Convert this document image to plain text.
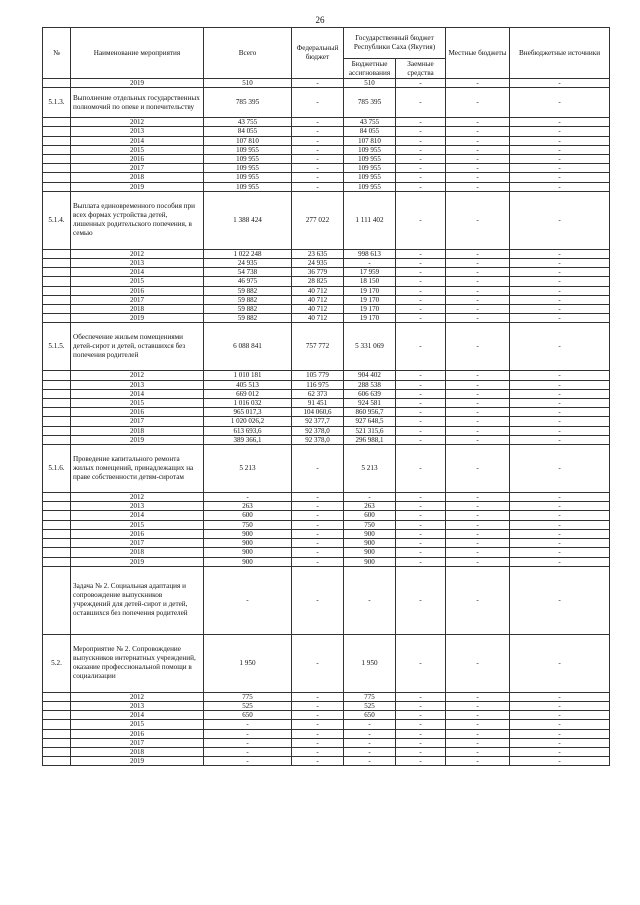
26
№	Наименование мероприятия	Всего	Федеральный бюджет	Государственный бюджет Республики Саха (Якутия)		Местные бюджеты	Внебюджетные источники
				Бюджетные ассигнования	Заемные средства		
	2019	510	-	510	-	-	-
5.1.3.	Выполнение отдельных государственных полномочий по опеке и попечительству	785 395	-	785 395	-	-	-
	2012	43 755	-	43 755	-	-	-
	2013	84 055	-	84 055	-	-	-
	2014	107 810	-	107 810	-	-	-
	2015	109 955	-	109 955	-	-	-
	2016	109 955	-	109 955	-	-	-
	2017	109 955	-	109 955	-	-	-
	2018	109 955	-	109 955	-	-	-
	2019	109 955	-	109 955	-	-	-
5.1.4.	Выплата единовременного пособия при всех формах устройства детей, лишенных родительского попечения, в семью	1 388 424	277 022	1 111 402	-	-	-
	2012	1 022 248	23 635	998 613	-	-	-
	2013	24 935	24 935	-	-	-	-
	2014	54 738	36 779	17 959	-	-	-
	2015	46 975	28 825	18 150	-	-	-
	2016	59 882	40 712	19 170	-	-	-
	2017	59 882	40 712	19 170	-	-	-
	2018	59 882	40 712	19 170	-	-	-
	2019	59 882	40 712	19 170	-	-	-
5.1.5.	Обеспечение жильем помещениями детей-сирот и детей, оставшихся без попечения родителей	6 088 841	757 772	5 331 069	-	-	-
	2012	1 010 181	105 779	904 402	-	-	-
	2013	405 513	116 975	288 538	-	-	-
	2014	669 012	62 373	606 639	-	-	-
	2015	1 016 032	91 451	924 581	-	-	-
	2016	965 017,3	104 060,6	860 956,7	-	-	-
	2017	1 020 026,2	92 377,7	927 648,5	-	-	-
	2018	613 693,6	92 378,0	521 315,6	-	-	-
	2019	389 366,1	92 378,0	296 988,1	-	-	-
5.1.6.	Проведение капитального ремонта жилых помещений, принадлежащих на праве собственности детям-сиротам	5 213	-	5 213	-	-	-
	2012	-	-	-	-	-	-
	2013	263	-	263	-	-	-
	2014	600	-	600	-	-	-
	2015	750	-	750	-	-	-
	2016	900	-	900	-	-	-
	2017	900	-	900	-	-	-
	2018	900	-	900	-	-	-
	2019	900	-	900	-	-	-
	Задача № 2. Социальная адаптация и сопровождение выпускников учреждений для детей-сирот и детей, оставшихся без попечения родителей	-	-	-	-	-	-
5.2.	Мероприятие № 2. Сопровождение выпускников интернатных учреждений, оказание профессиональной помощи в социализации	1 950	-	1 950	-	-	-
	2012	775	-	775	-	-	-
	2013	525	-	525	-	-	-
	2014	650	-	650	-	-	-
	2015	-	-	-	-	-	-
	2016	-	-	-	-	-	-
	2017	-	-	-	-	-	-
	2018	-	-	-	-	-	-
	2019	-	-	-	-	-	-
